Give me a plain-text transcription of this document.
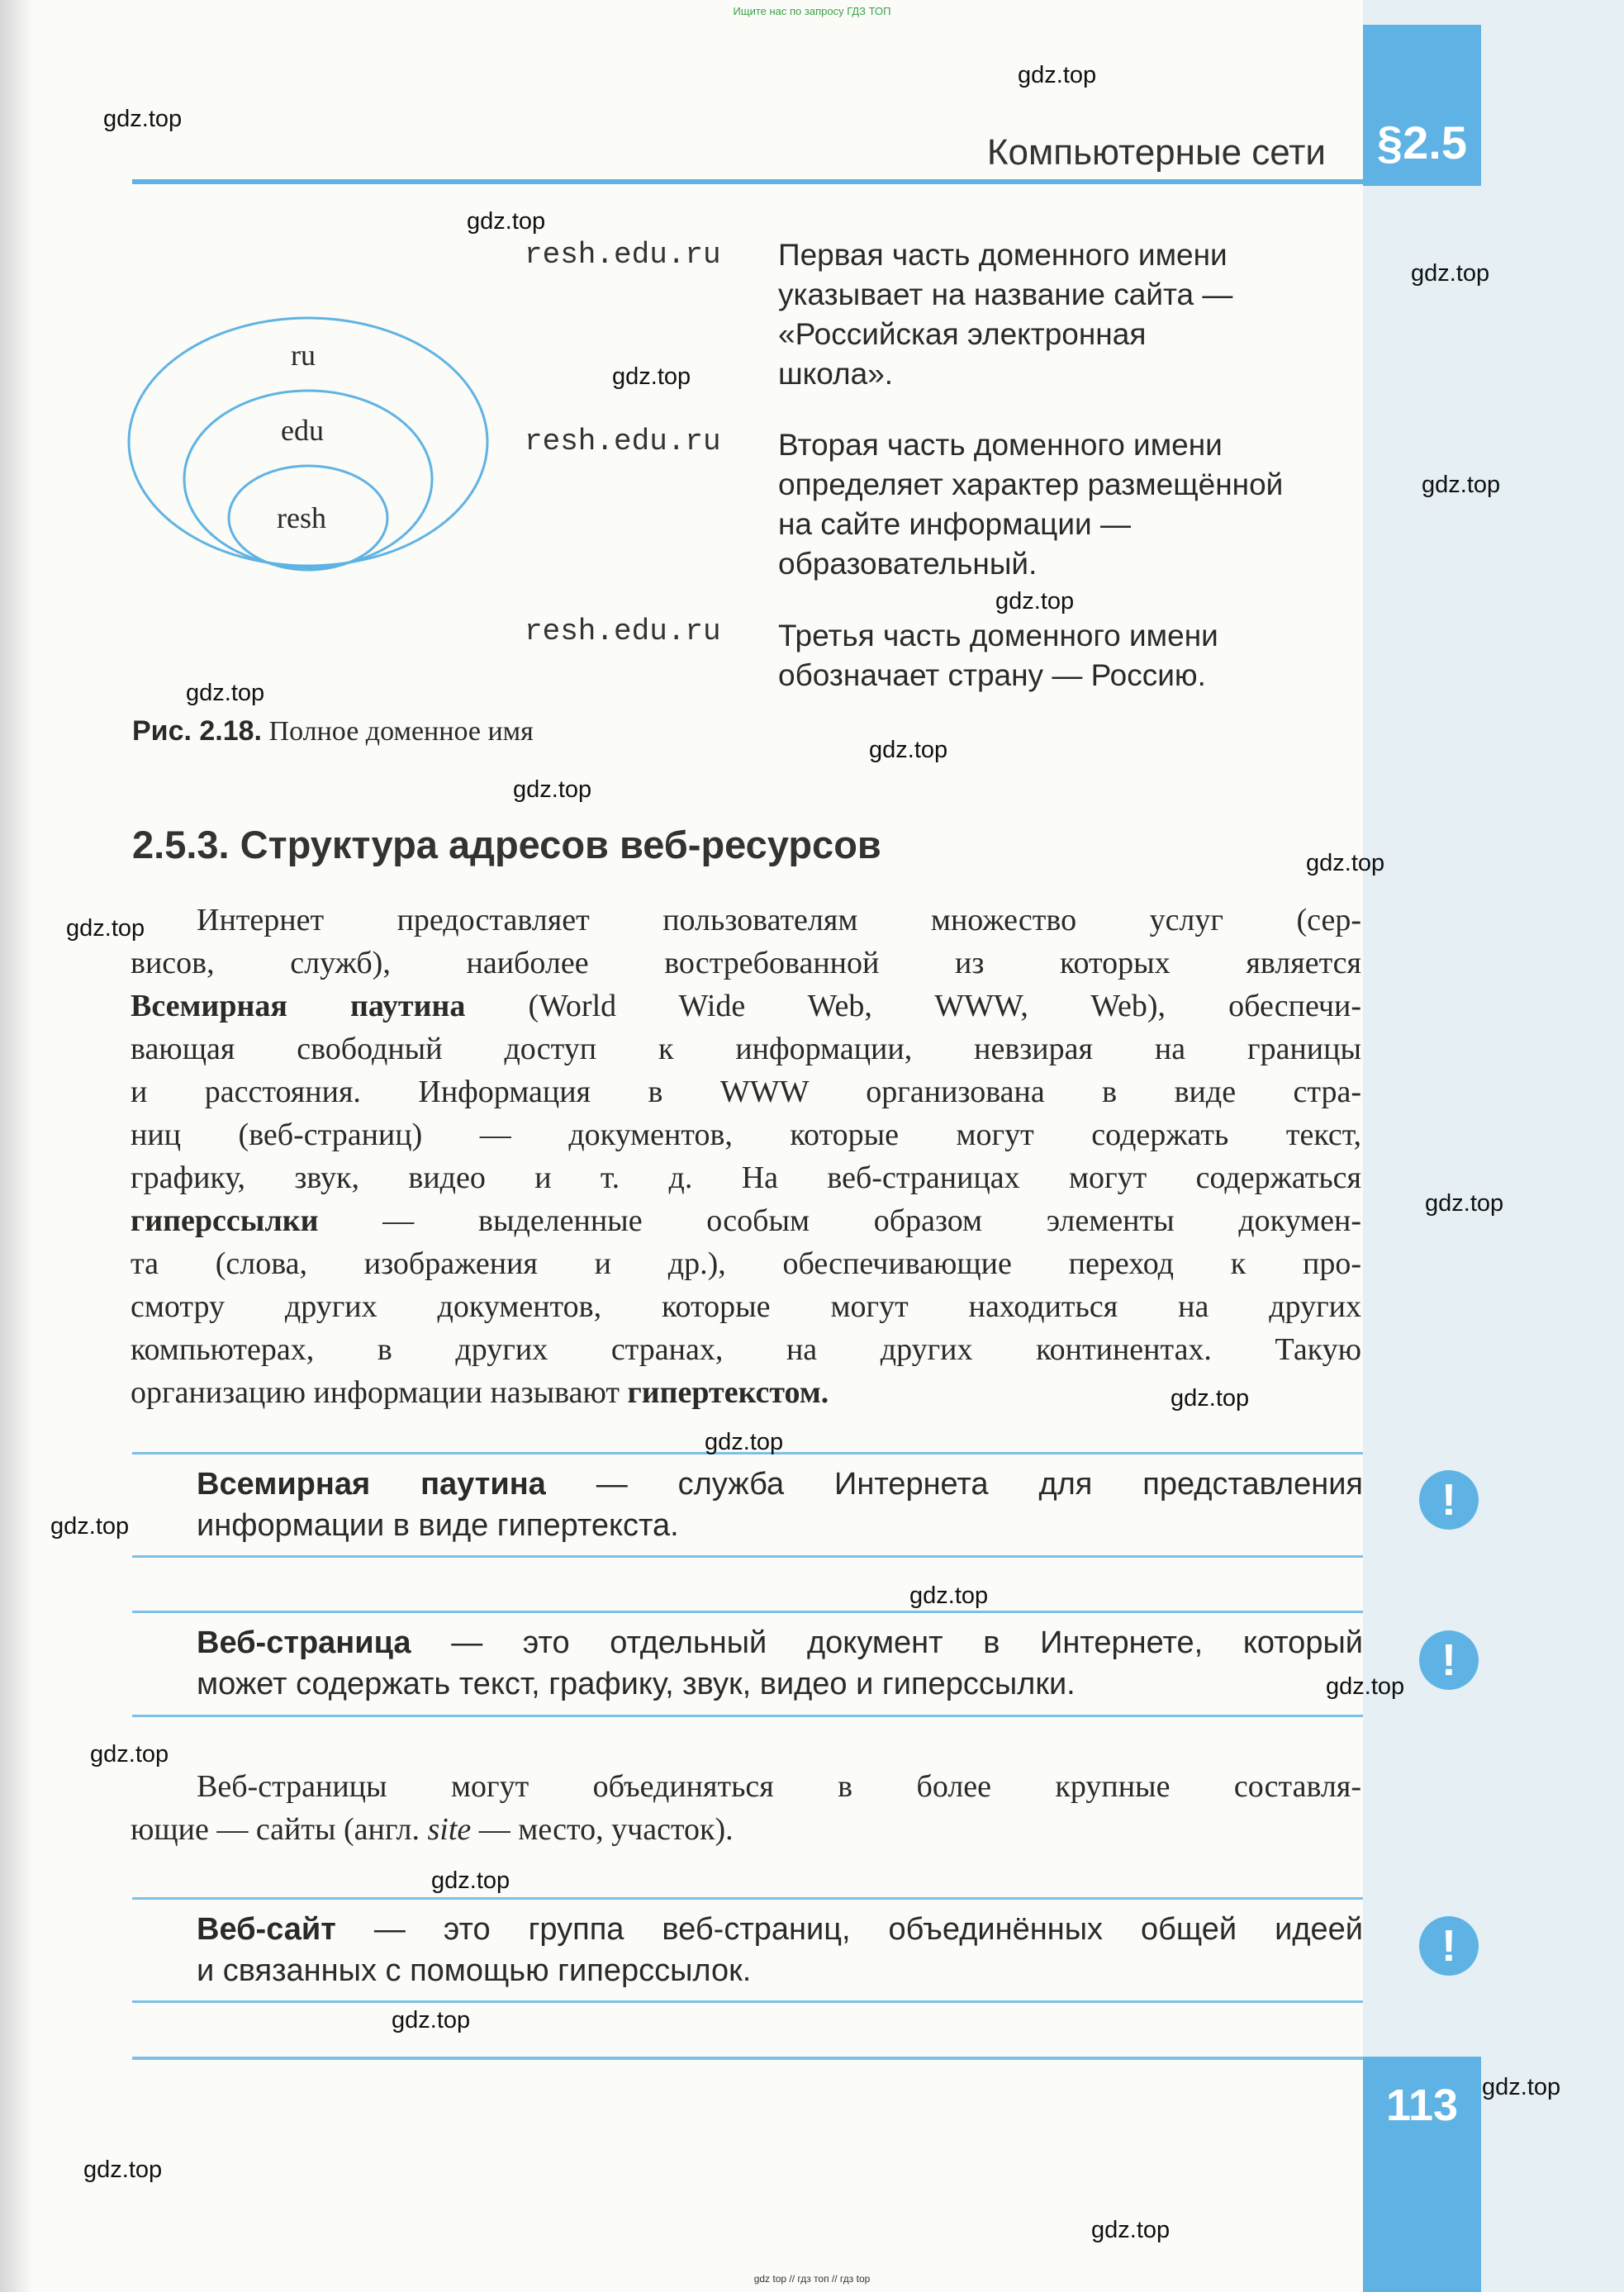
Ищите нас по запросу ГДЗ ТОП
§2.5
Компьютерные сети
ru
edu
resh
resh.edu.ru Первая часть доменного имени
указывает на название сайта —
«Российская электронная
школа».
resh.edu.ru Вторая часть доменного имени
определяет характер размещённой
на сайте информации —
образовательный.
resh.edu.ru Третья часть доменного имени
обозначает страну — Россию.
Рис. 2.18. Полное доменное имя
2.5.3. Структура адресов веб-ресурсов
Интернет предоставляет пользователям множество услуг (сер-
висов, служб), наиболее востребованной из которых является
Всемирная паутина (World Wide Web, WWW, Web), обеспечи-
вающая свободный доступ к информации, невзирая на границы
и расстояния. Информация в WWW организована в виде стра-
ниц (веб-страниц) — документов, которые могут содержать текст,
графику, звук, видео и т. д. На веб-страницах могут содержаться
гиперссылки — выделенные особым образом элементы докумен-
та (слова, изображения и др.), обеспечивающие переход к про-
смотру других документов, которые могут находиться на других
компьютерах, в других странах, на других континентах. Такую
организацию информации называют гипертекстом.
Всемирная паутина — служба Интернета для представления
информации в виде гипертекста.
!
Веб-страница — это отдельный документ в Интернете, который
может содержать текст, графику, звук, видео и гиперссылки.	!
Веб-страницы могут объединяться в более крупные составля-
ющие — сайты (англ. site — место, участок).
Веб-сайт — это группа веб-страниц, объединённых общей идеей
и связанных с помощью гиперссылок.	!
113
gdz top // гдз топ // гдз top
gdz.top
gdz.top
gdz.top
gdz.top
gdz.top
gdz.top
gdz.top
gdz.top
gdz.top
gdz.top
gdz.top
gdz.top
gdz.top
gdz.top
gdz.top
gdz.top
gdz.top
gdz.top
gdz.top
gdz.top
gdz.top
gdz.top
gdz.top
gdz.top
